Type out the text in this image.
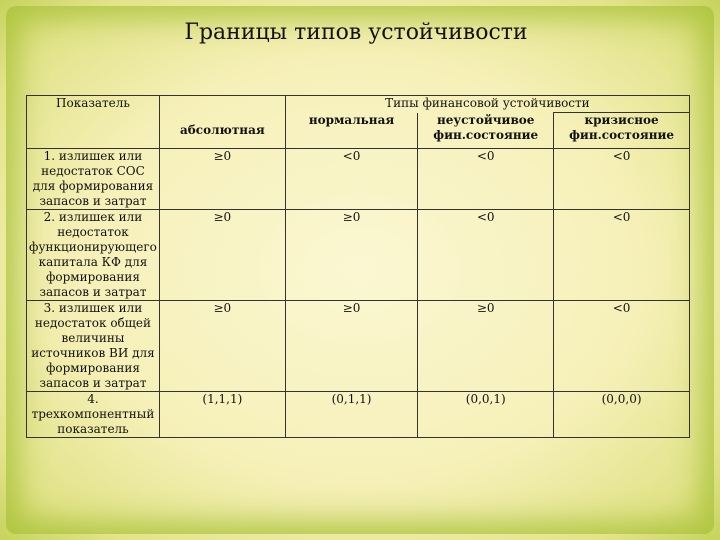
Границы типов устойчивости
Показатель		Типы финансовой устойчивости	
	абсолютная	нормальная	неустойчивое фин.состояние	кризисное фин.состояние
1. излишек или недостаток СОС для формирования запасов и затрат	≥0	<0	<0	<0
2. излишек или недостаток функционирующего капитала КФ для формирования запасов и затрат	≥0	≥0	<0	<0
3. излишек или недостаток общей величины источников ВИ для формирования запасов и затрат	≥0	≥0	≥0	<0
4. трехкомпонентный показатель	(1,1,1)	(0,1,1)	(0,0,1)	(0,0,0)
